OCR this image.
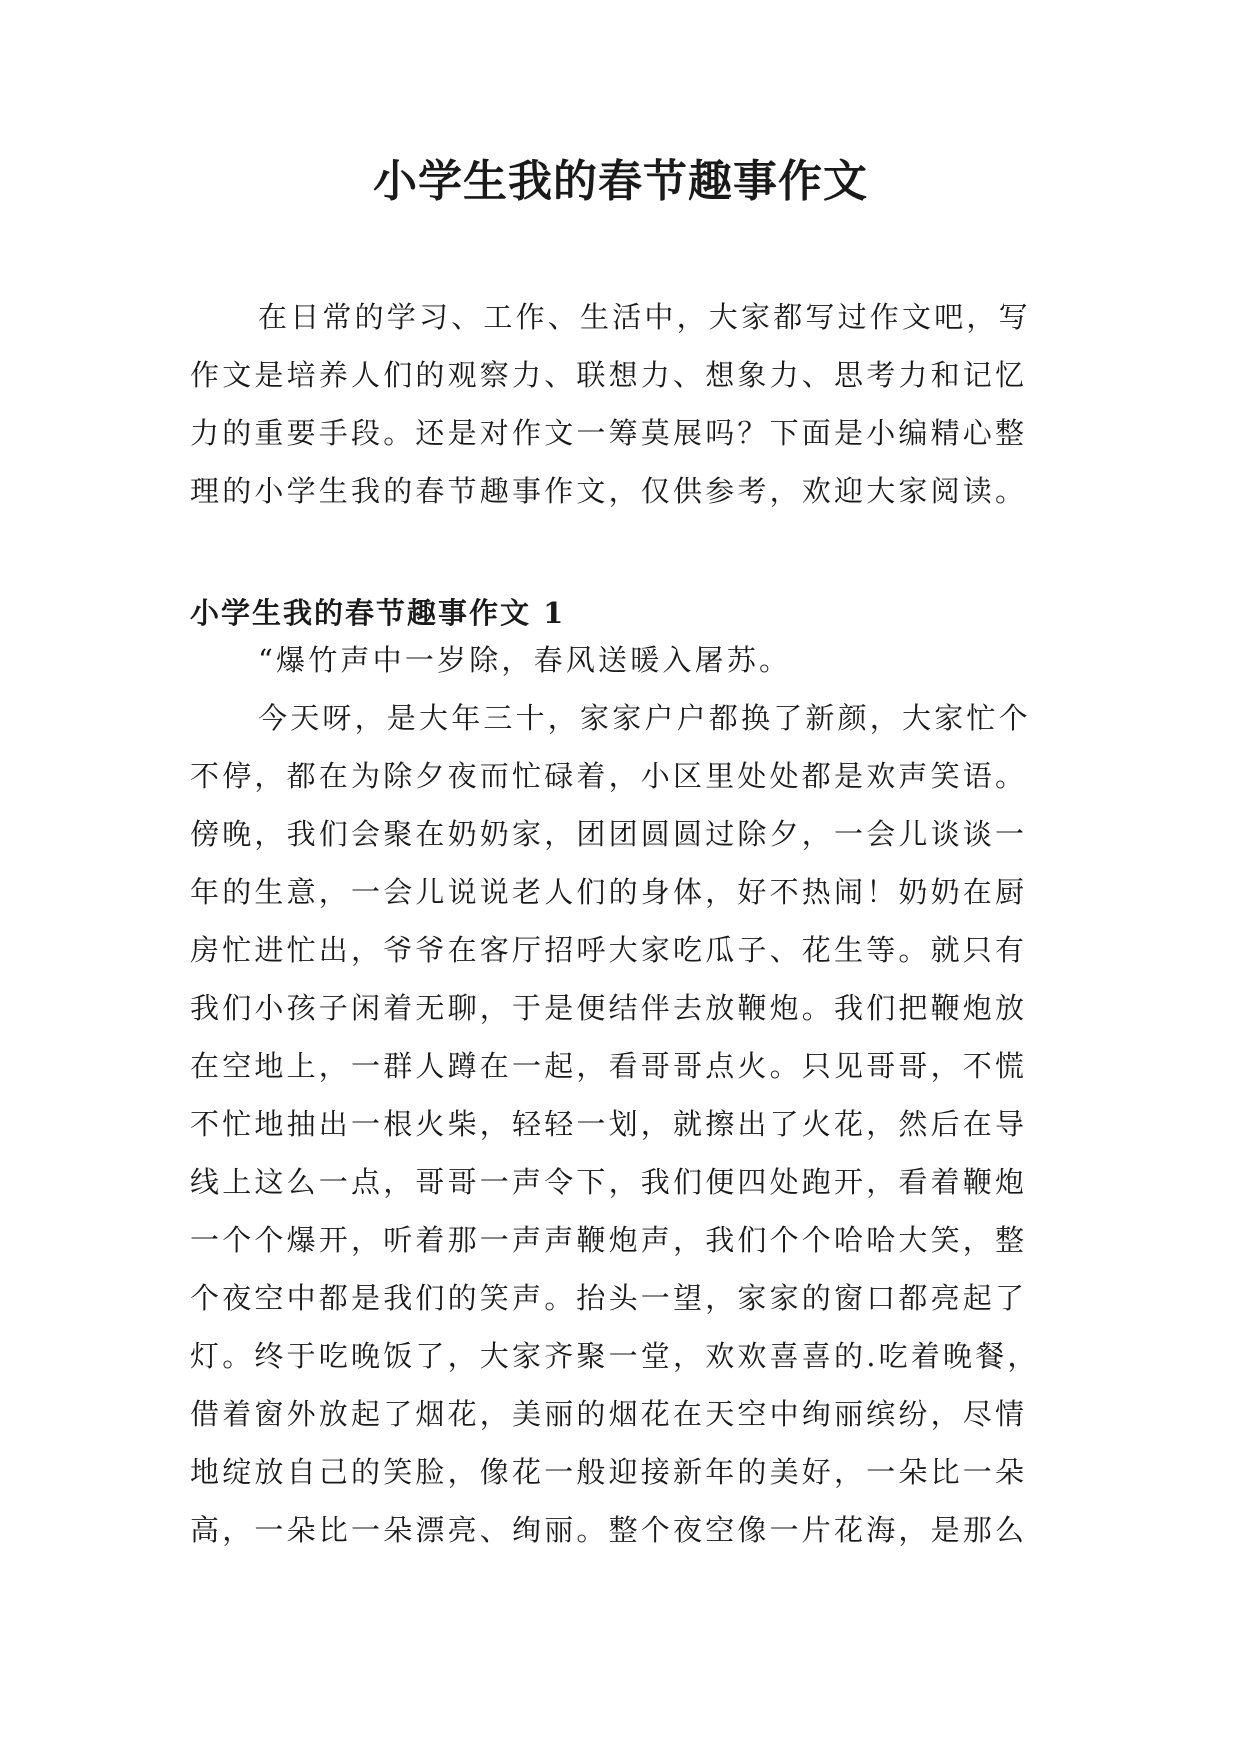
小学生我的春节趣事作文
在日常的学习、工作、生活中，大家都写过作文吧，写
作文是培养人们的观察力、联想力、想象力、思考力和记忆
力的重要手段。还是对作文一筹莫展吗？下面是小编精心整
理的小学生我的春节趣事作文，仅供参考，欢迎大家阅读。
小学生我的春节趣事作文 1
“爆竹声中一岁除，春风送暖入屠苏。
今天呀，是大年三十，家家户户都换了新颜，大家忙个
不停，都在为除夕夜而忙碌着，小区里处处都是欢声笑语。
傍晚，我们会聚在奶奶家，团团圆圆过除夕，一会儿谈谈一
年的生意，一会儿说说老人们的身体，好不热闹！奶奶在厨
房忙进忙出，爷爷在客厅招呼大家吃瓜子、花生等。就只有
我们小孩子闲着无聊，于是便结伴去放鞭炮。我们把鞭炮放
在空地上，一群人蹲在一起，看哥哥点火。只见哥哥，不慌
不忙地抽出一根火柴，轻轻一划，就擦出了火花，然后在导
线上这么一点，哥哥一声令下，我们便四处跑开，看着鞭炮
一个个爆开，听着那一声声鞭炮声，我们个个哈哈大笑，整
个夜空中都是我们的笑声。抬头一望，家家的窗口都亮起了
灯。终于吃晚饭了，大家齐聚一堂，欢欢喜喜的.吃着晚餐，
借着窗外放起了烟花，美丽的烟花在天空中绚丽缤纷，尽情
地绽放自己的笑脸，像花一般迎接新年的美好，一朵比一朵
高，一朵比一朵漂亮、绚丽。整个夜空像一片花海，是那么
